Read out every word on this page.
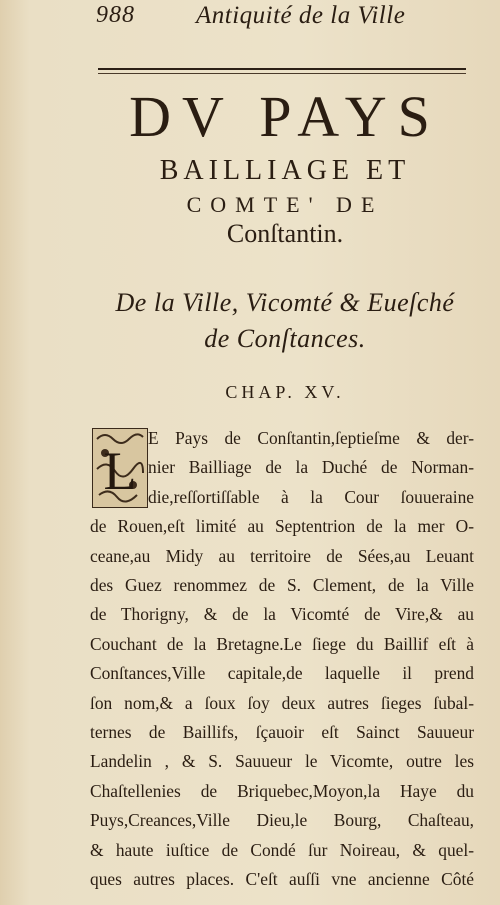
988 Antiquité de la Ville
DV PAYS
BAILLIAGE ET
COMTE' DE
Conſtantin.
De la Ville, Vicomté & Eueſché
de Conſtances.
CHAP. XV.
L
E Pays de Conſtantin,ſeptieſme & der-
nier Bailliage de la Duché de Norman-
die,reſſortiſſable à la Cour ſouueraine
de Rouen,eſt limité au Septentrion de la mer O-
ceane,au Midy au territoire de Sées,au Leuant
des Guez renommez de S. Clement, de la Ville
de Thorigny, & de la Vicomté de Vire,& au
Couchant de la Bretagne.Le ſiege du Baillif eſt à
Conſtances,Ville capitale,de laquelle il prend
ſon nom,& a ſoux ſoy deux autres ſieges ſubal-
ternes de Baillifs, ſçauoir eſt Sainct Sauueur
Landelin , & S. Sauueur le Vicomte, outre les
Chaſtellenies de Briquebec,Moyon,la Haye du
Puys,Creances,Ville Dieu,le Bourg, Chaſteau,
& haute iuſtice de Condé ſur Noireau, & quel-
ques autres places. C'eſt auſſi vne ancienne Côté
